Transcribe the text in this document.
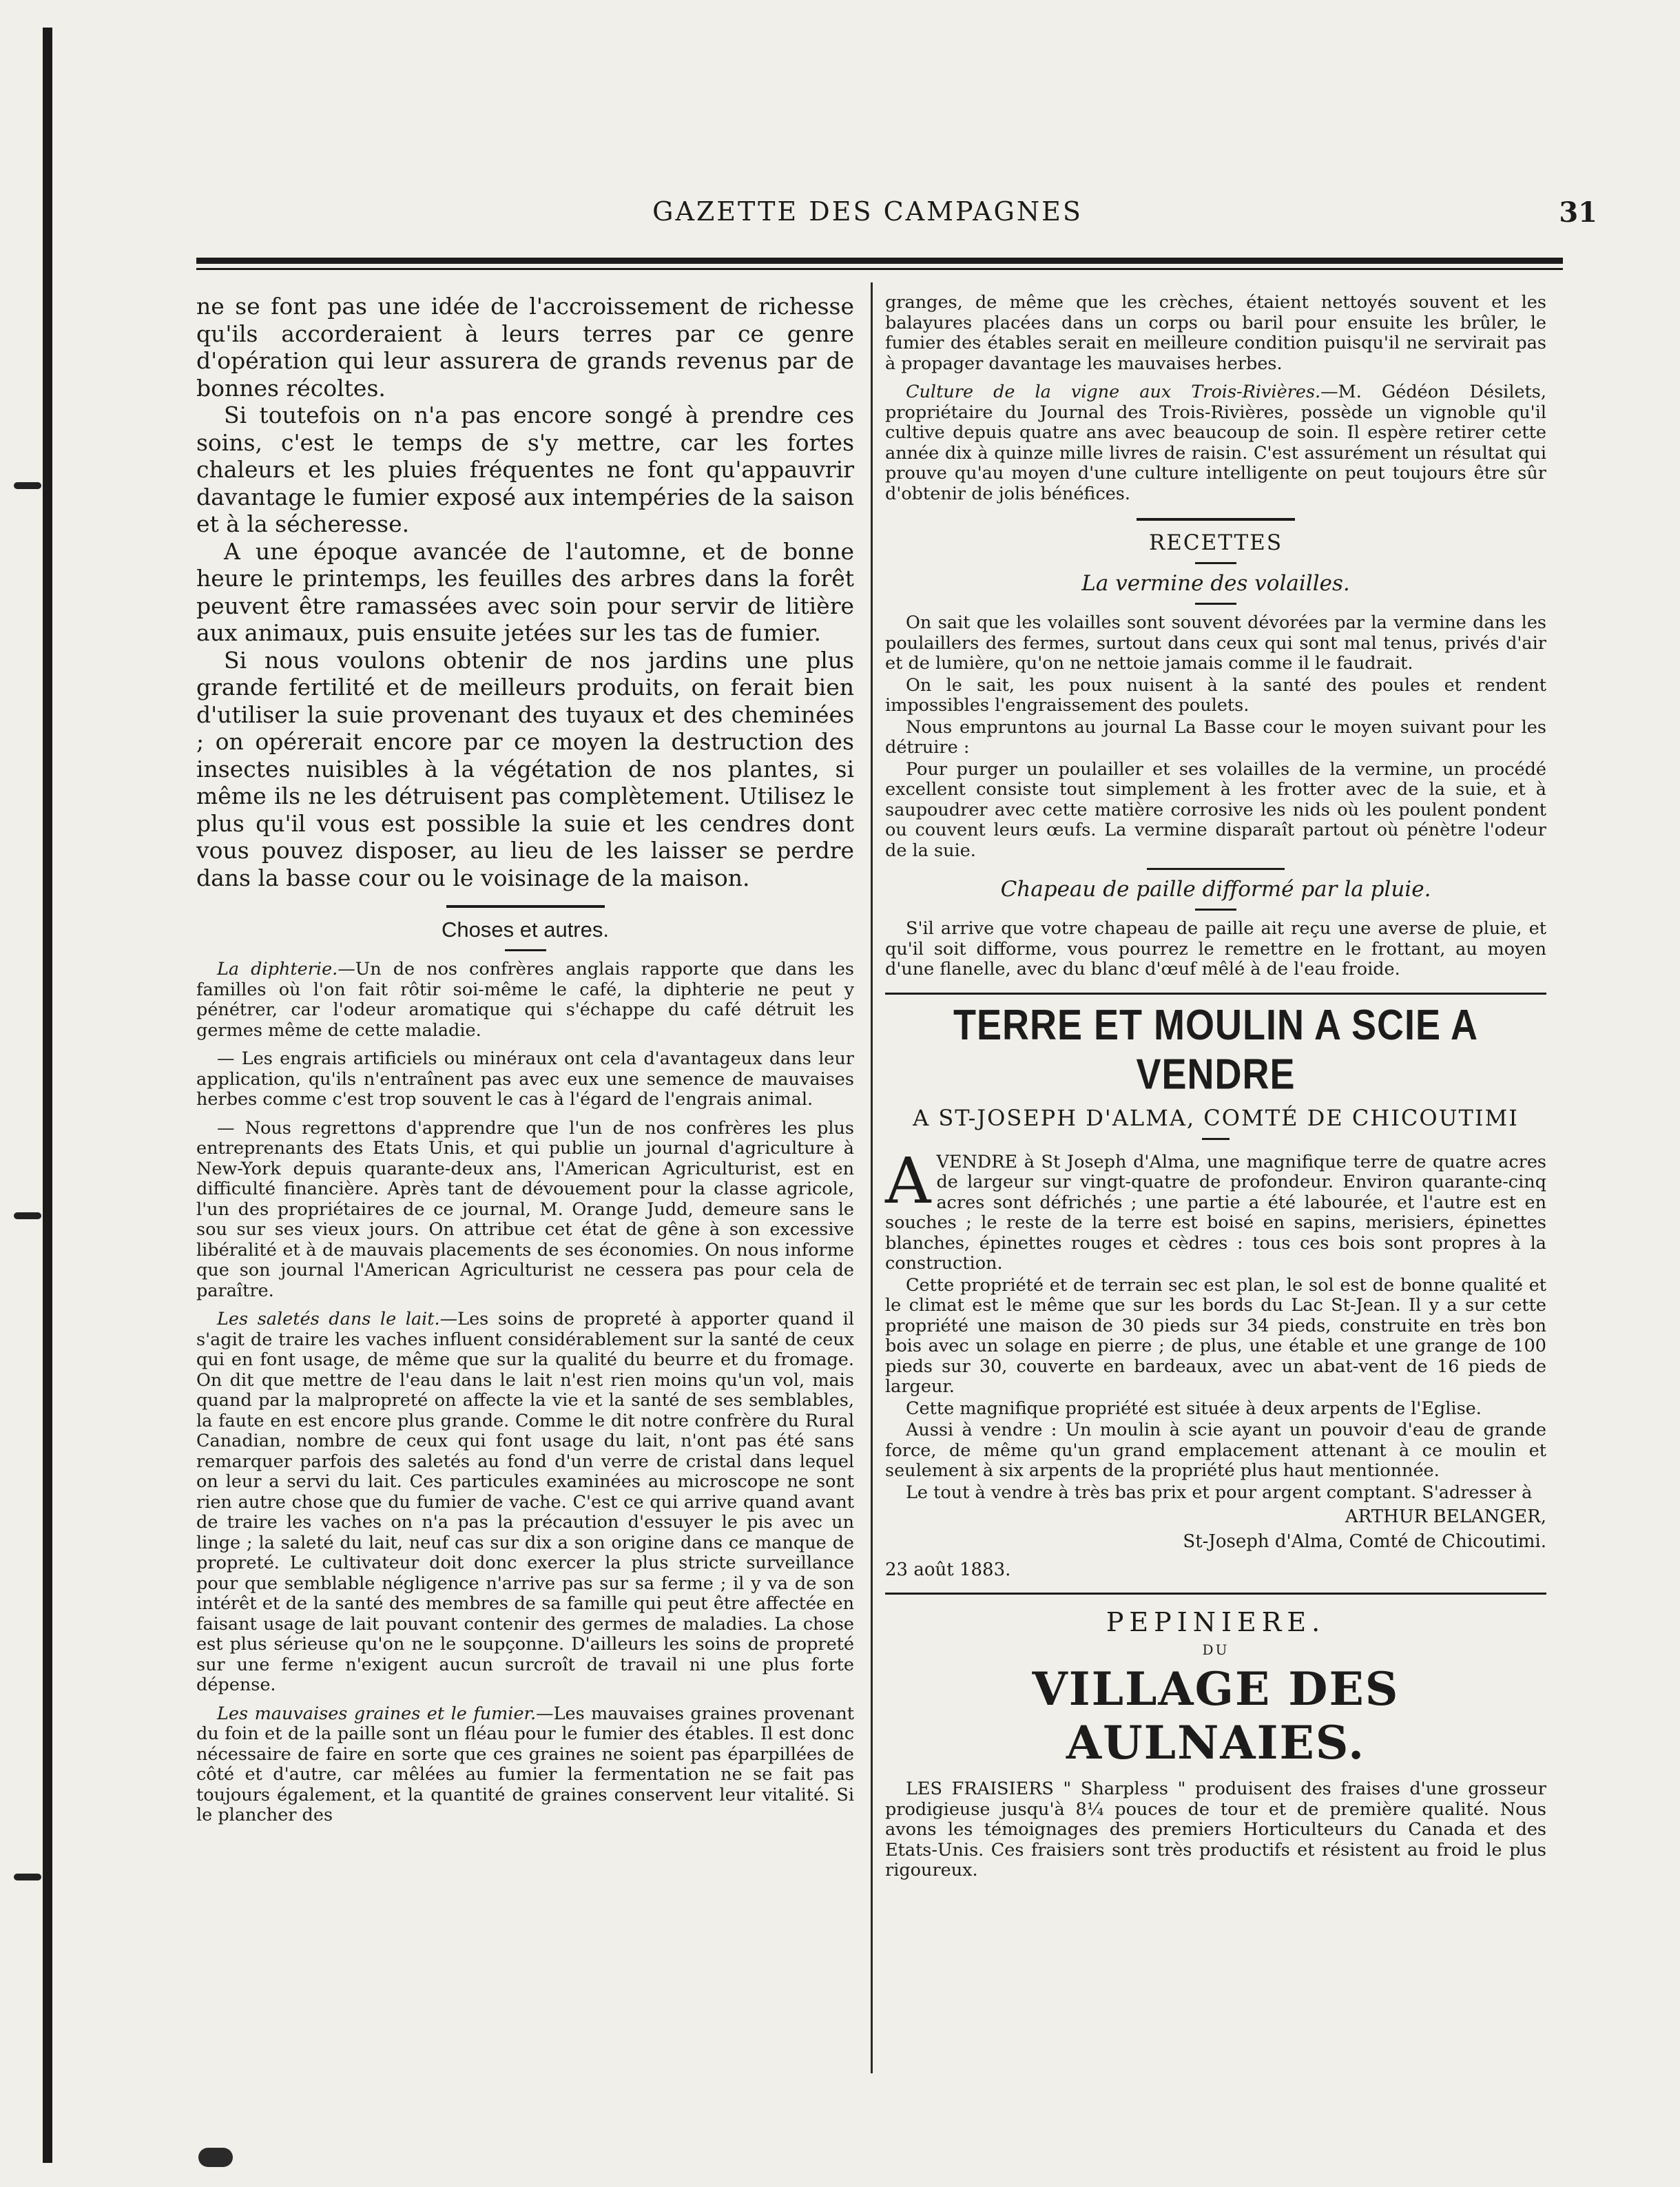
GAZETTE DES CAMPAGNES	31

ne se font pas une idée de l'accroissement de richesse qu'ils accorderaient à leurs terres par ce genre d'opération qui leur assurera de grands revenus par de bonnes récoltes.

Si toutefois on n'a pas encore songé à prendre ces soins, c'est le temps de s'y mettre, car les fortes chaleurs et les pluies fréquentes ne font qu'appauvrir davantage le fumier exposé aux intempéries de la saison et à la sécheresse.

A une époque avancée de l'automne, et de bonne heure le printemps, les feuilles des arbres dans la forêt peuvent être ramassées avec soin pour servir de litière aux animaux, puis ensuite jetées sur les tas de fumier.

Si nous voulons obtenir de nos jardins une plus grande fertilité et de meilleurs produits, on ferait bien d'utiliser la suie provenant des tuyaux et des cheminées ; on opérerait encore par ce moyen la destruction des insectes nuisibles à la végétation de nos plantes, si même ils ne les détruisent pas complètement. Utilisez le plus qu'il vous est possible la suie et les cendres dont vous pouvez disposer, au lieu de les laisser se perdre dans la basse cour ou le voisinage de la maison.

Choses et autres.

La diphterie.—Un de nos confrères anglais rapporte que dans les familles où l'on fait rôtir soi-même le café, la diphterie ne peut y pénétrer, car l'odeur aromatique qui s'échappe du café détruit les germes même de cette maladie.

— Les engrais artificiels ou minéraux ont cela d'avantageux dans leur application, qu'ils n'entraînent pas avec eux une semence de mauvaises herbes comme c'est trop souvent le cas à l'égard de l'engrais animal.

— Nous regrettons d'apprendre que l'un de nos confrères les plus entreprenants des Etats Unis, et qui publie un journal d'agriculture à New-York depuis quarante-deux ans, l'American Agriculturist, est en difficulté financière. Après tant de dévouement pour la classe agricole, l'un des propriétaires de ce journal, M. Orange Judd, demeure sans le sou sur ses vieux jours. On attribue cet état de gêne à son excessive libéralité et à de mauvais placements de ses économies. On nous informe que son journal l'American Agriculturist ne cessera pas pour cela de paraître.

Les saletés dans le lait.—Les soins de propreté à apporter quand il s'agit de traire les vaches influent considérablement sur la santé de ceux qui en font usage, de même que sur la qualité du beurre et du fromage. On dit que mettre de l'eau dans le lait n'est rien moins qu'un vol, mais quand par la malpropreté on affecte la vie et la santé de ses semblables, la faute en est encore plus grande. Comme le dit notre confrère du Rural Canadian, nombre de ceux qui font usage du lait, n'ont pas été sans remarquer parfois des saletés au fond d'un verre de cristal dans lequel on leur a servi du lait. Ces particules examinées au microscope ne sont rien autre chose que du fumier de vache. C'est ce qui arrive quand avant de traire les vaches on n'a pas la précaution d'essuyer le pis avec un linge ; la saleté du lait, neuf cas sur dix a son origine dans ce manque de propreté. Le cultivateur doit donc exercer la plus stricte surveillance pour que semblable négligence n'arrive pas sur sa ferme ; il y va de son intérêt et de la santé des membres de sa famille qui peut être affectée en faisant usage de lait pouvant contenir des germes de maladies. La chose est plus sérieuse qu'on ne le soupçonne. D'ailleurs les soins de propreté sur une ferme n'exigent aucun surcroît de travail ni une plus forte dépense.

Les mauvaises graines et le fumier.—Les mauvaises graines provenant du foin et de la paille sont un fléau pour le fumier des étables. Il est donc nécessaire de faire en sorte que ces graines ne soient pas éparpillées de côté et d'autre, car mêlées au fumier la fermentation ne se fait pas toujours également, et la quantité de graines conservent leur vitalité. Si le plancher des

granges, de même que les crèches, étaient nettoyés souvent et les balayures placées dans un corps ou baril pour ensuite les brûler, le fumier des étables serait en meilleure condition puisqu'il ne servirait pas à propager davantage les mauvaises herbes.

Culture de la vigne aux Trois-Rivières.—M. Gédéon Désilets, propriétaire du Journal des Trois-Rivières, possède un vignoble qu'il cultive depuis quatre ans avec beaucoup de soin. Il espère retirer cette année dix à quinze mille livres de raisin. C'est assurément un résultat qui prouve qu'au moyen d'une culture intelligente on peut toujours être sûr d'obtenir de jolis bénéfices.

RECETTES
La vermine des volailles.

On sait que les volailles sont souvent dévorées par la vermine dans les poulaillers des fermes, surtout dans ceux qui sont mal tenus, privés d'air et de lumière, qu'on ne nettoie jamais comme il le faudrait.

On le sait, les poux nuisent à la santé des poules et rendent impossibles l'engraissement des poulets.

Nous empruntons au journal La Basse cour le moyen suivant pour les détruire :

Pour purger un poulailler et ses volailles de la vermine, un procédé excellent consiste tout simplement à les frotter avec de la suie, et à saupoudrer avec cette matière corrosive les nids où les poulent pondent ou couvent leurs œufs. La vermine disparaît partout où pénètre l'odeur de la suie.

Chapeau de paille difformé par la pluie.

S'il arrive que votre chapeau de paille ait reçu une averse de pluie, et qu'il soit difforme, vous pourrez le remettre en le frottant, au moyen d'une flanelle, avec du blanc d'œuf mêlé à de l'eau froide.

TERRE ET MOULIN A SCIE A VENDRE
A ST-JOSEPH D'ALMA, COMTÉ DE CHICOUTIMI

AVENDRE à St Joseph d'Alma, une magnifique terre de quatre acres de largeur sur vingt-quatre de profondeur. Environ quarante-cinq acres sont défrichés ; une partie a été labourée, et l'autre est en souches ; le reste de la terre est boisé en sapins, merisiers, épinettes blanches, épinettes rouges et cèdres : tous ces bois sont propres à la construction.

Cette propriété et de terrain sec est plan, le sol est de bonne qualité et le climat est le même que sur les bords du Lac St-Jean. Il y a sur cette propriété une maison de 30 pieds sur 34 pieds, construite en très bon bois avec un solage en pierre ; de plus, une étable et une grange de 100 pieds sur 30, couverte en bardeaux, avec un abat-vent de 16 pieds de largeur.

Cette magnifique propriété est située à deux arpents de l'Eglise.

Aussi à vendre : Un moulin à scie ayant un pouvoir d'eau de grande force, de même qu'un grand emplacement attenant à ce moulin et seulement à six arpents de la propriété plus haut mentionnée.

Le tout à vendre à très bas prix et pour argent comptant. S'adresser à

ARTHUR BELANGER,
St-Joseph d'Alma, Comté de Chicoutimi.
23 août 1883.
PEPINIERE.
DU
VILLAGE DES AULNAIES.

LES FRAISIERS " Sharpless " produisent des fraises d'une grosseur prodigieuse jusqu'à 8¼ pouces de tour et de première qualité. Nous avons les témoignages des premiers Horticulteurs du Canada et des Etats-Unis. Ces fraisiers sont très productifs et résistent au froid le plus rigoureux.
